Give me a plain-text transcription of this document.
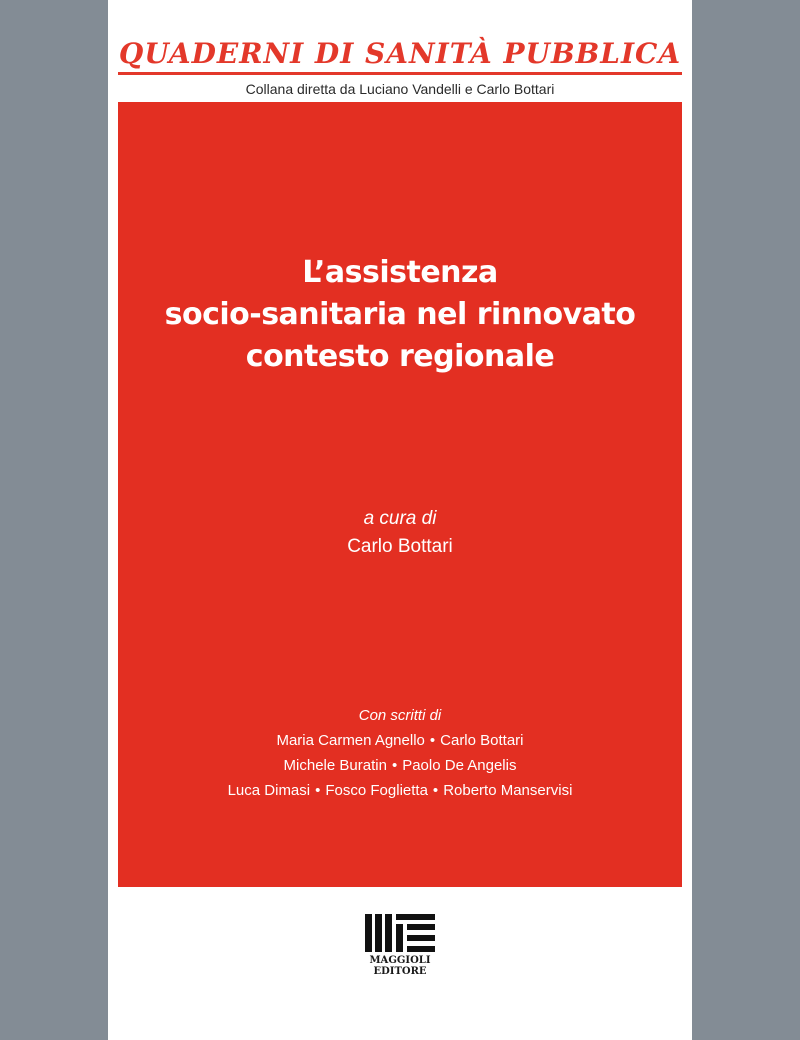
QUADERNI DI SANITÀ PUBBLICA
Collana diretta da Luciano Vandelli e Carlo Bottari
L’assistenza
socio-sanitaria nel rinnovato
contesto regionale
a cura di
Carlo Bottari
Con scritti di
Maria Carmen Agnello • Carlo Bottari
Michele Buratin • Paolo De Angelis
Luca Dimasi • Fosco Foglietta • Roberto Manservisi
MAGGIOLI
EDITORE
